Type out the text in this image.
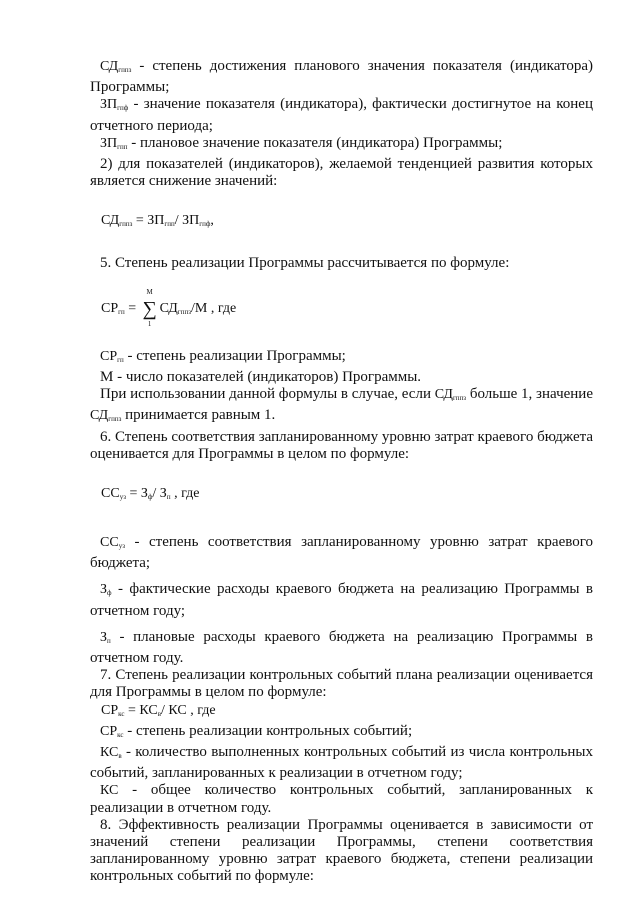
$СД_{гппз}$ - степень достижения планового значения показателя (индикатора)

Программы;

$ЗП_{гпф}$ - значение показателя (индикатора), фактически достигнутое на конец

отчетного периода;

$ЗП_{гпп}$ - плановое значение показателя (индикатора) Программы;

2) для показателей (индикаторов), желаемой тенденцией развития которых

является снижение значений:

$СД_{гппз} = ЗП_{гпп}/$ $ЗП_{гпф}$,

5. Степень реализации Программы рассчитывается по формуле:

$СР_{гп}$ =
M
∑
1
$СД_{гппз}/М$ , где

$СР_{гп}$ - степень реализации Программы;

М - число показателей (индикаторов) Программы.

При использовании данной формулы в случае, если $СД_{гппз}$ больше 1, значение

$СД_{гппз}$ принимается равным 1.

6. Степень соответствия запланированному уровню затрат краевого бюджета

оценивается для Программы в целом по формуле:

$СС_{уз} = З_ф/$ $З_п$ , где

$СС_{уз}$ - степень соответствия запланированному уровню затрат краевого

бюджета;

$З_ф$ - фактические расходы краевого бюджета на реализацию Программы в

отчетном году;

$З_п$ - плановые расходы краевого бюджета на реализацию Программы в

отчетном году.

7. Степень реализации контрольных событий плана реализации оценивается

для Программы в целом по формуле:

$СР_{кс} = КС_в/$ КС , где

$СР_{кс}$ - степень реализации контрольных событий;

$КС_в$ - количество выполненных контрольных событий из числа контрольных

событий, запланированных к реализации в отчетном году;

КС - общее количество контрольных событий, запланированных к

реализации в отчетном году.

8. Эффективность реализации Программы оценивается в зависимости от

значений степени реализации Программы, степени соответствия

запланированному уровню затрат краевого бюджета, степени реализации

контрольных событий по формуле:
